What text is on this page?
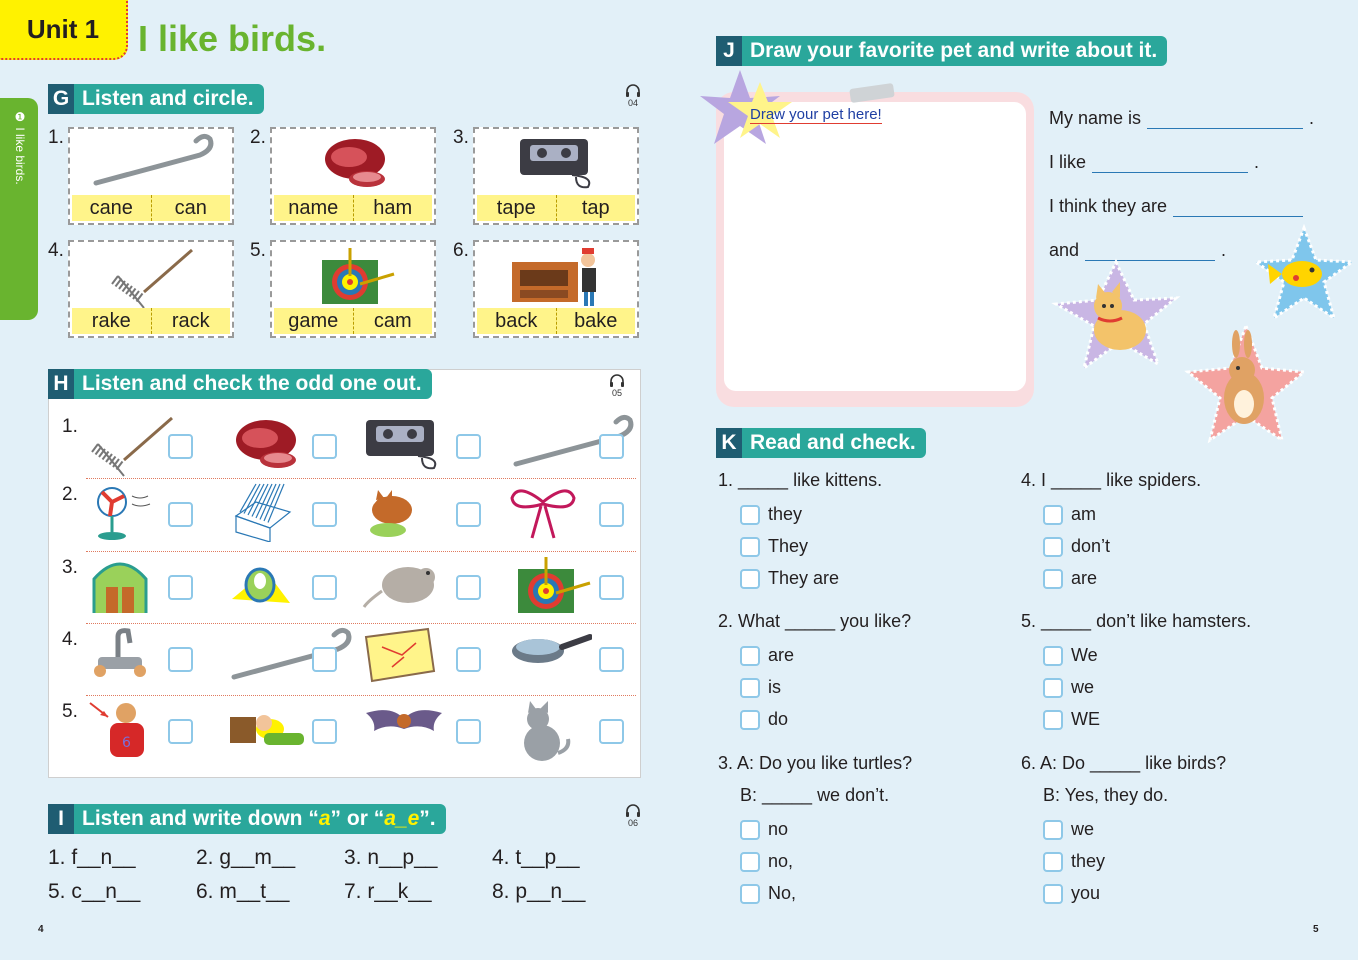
Unit 1	I like birds.
❶ I like birds.
G Listen and circle.	04
1.
cane	can
2.
name	ham
3.
tape	tap
4.
rake	rack
5.
game	cam
6.
back	bake
H Listen and check the odd one out.	05
1.
2.
3.
4.
5.
6
I Listen and write down “ a ” or “ a_e ”.	06
1. f__n__	2. g__m__ 3. n__p__	4. t__p__
5. c__n__	6. m__t__	7. r__k__	8. p__n__
J Draw your favorite pet and write about it.
Draw your pet here!	My name is	.
I like	.
I think they are
and	.
K Read and check.
1. _____ like kittens.
they
They
They are
2. What _____ you like?
are
is
do
3. A: Do you like turtles?
B: _____ we don’t.
no
no,
No,
4. I _____ like spiders.
am
don’t
are
5. _____ don’t like hamsters.
We
we
WE
6. A: Do _____ like birds?
B: Yes, they do.
we
they
you
4	5
